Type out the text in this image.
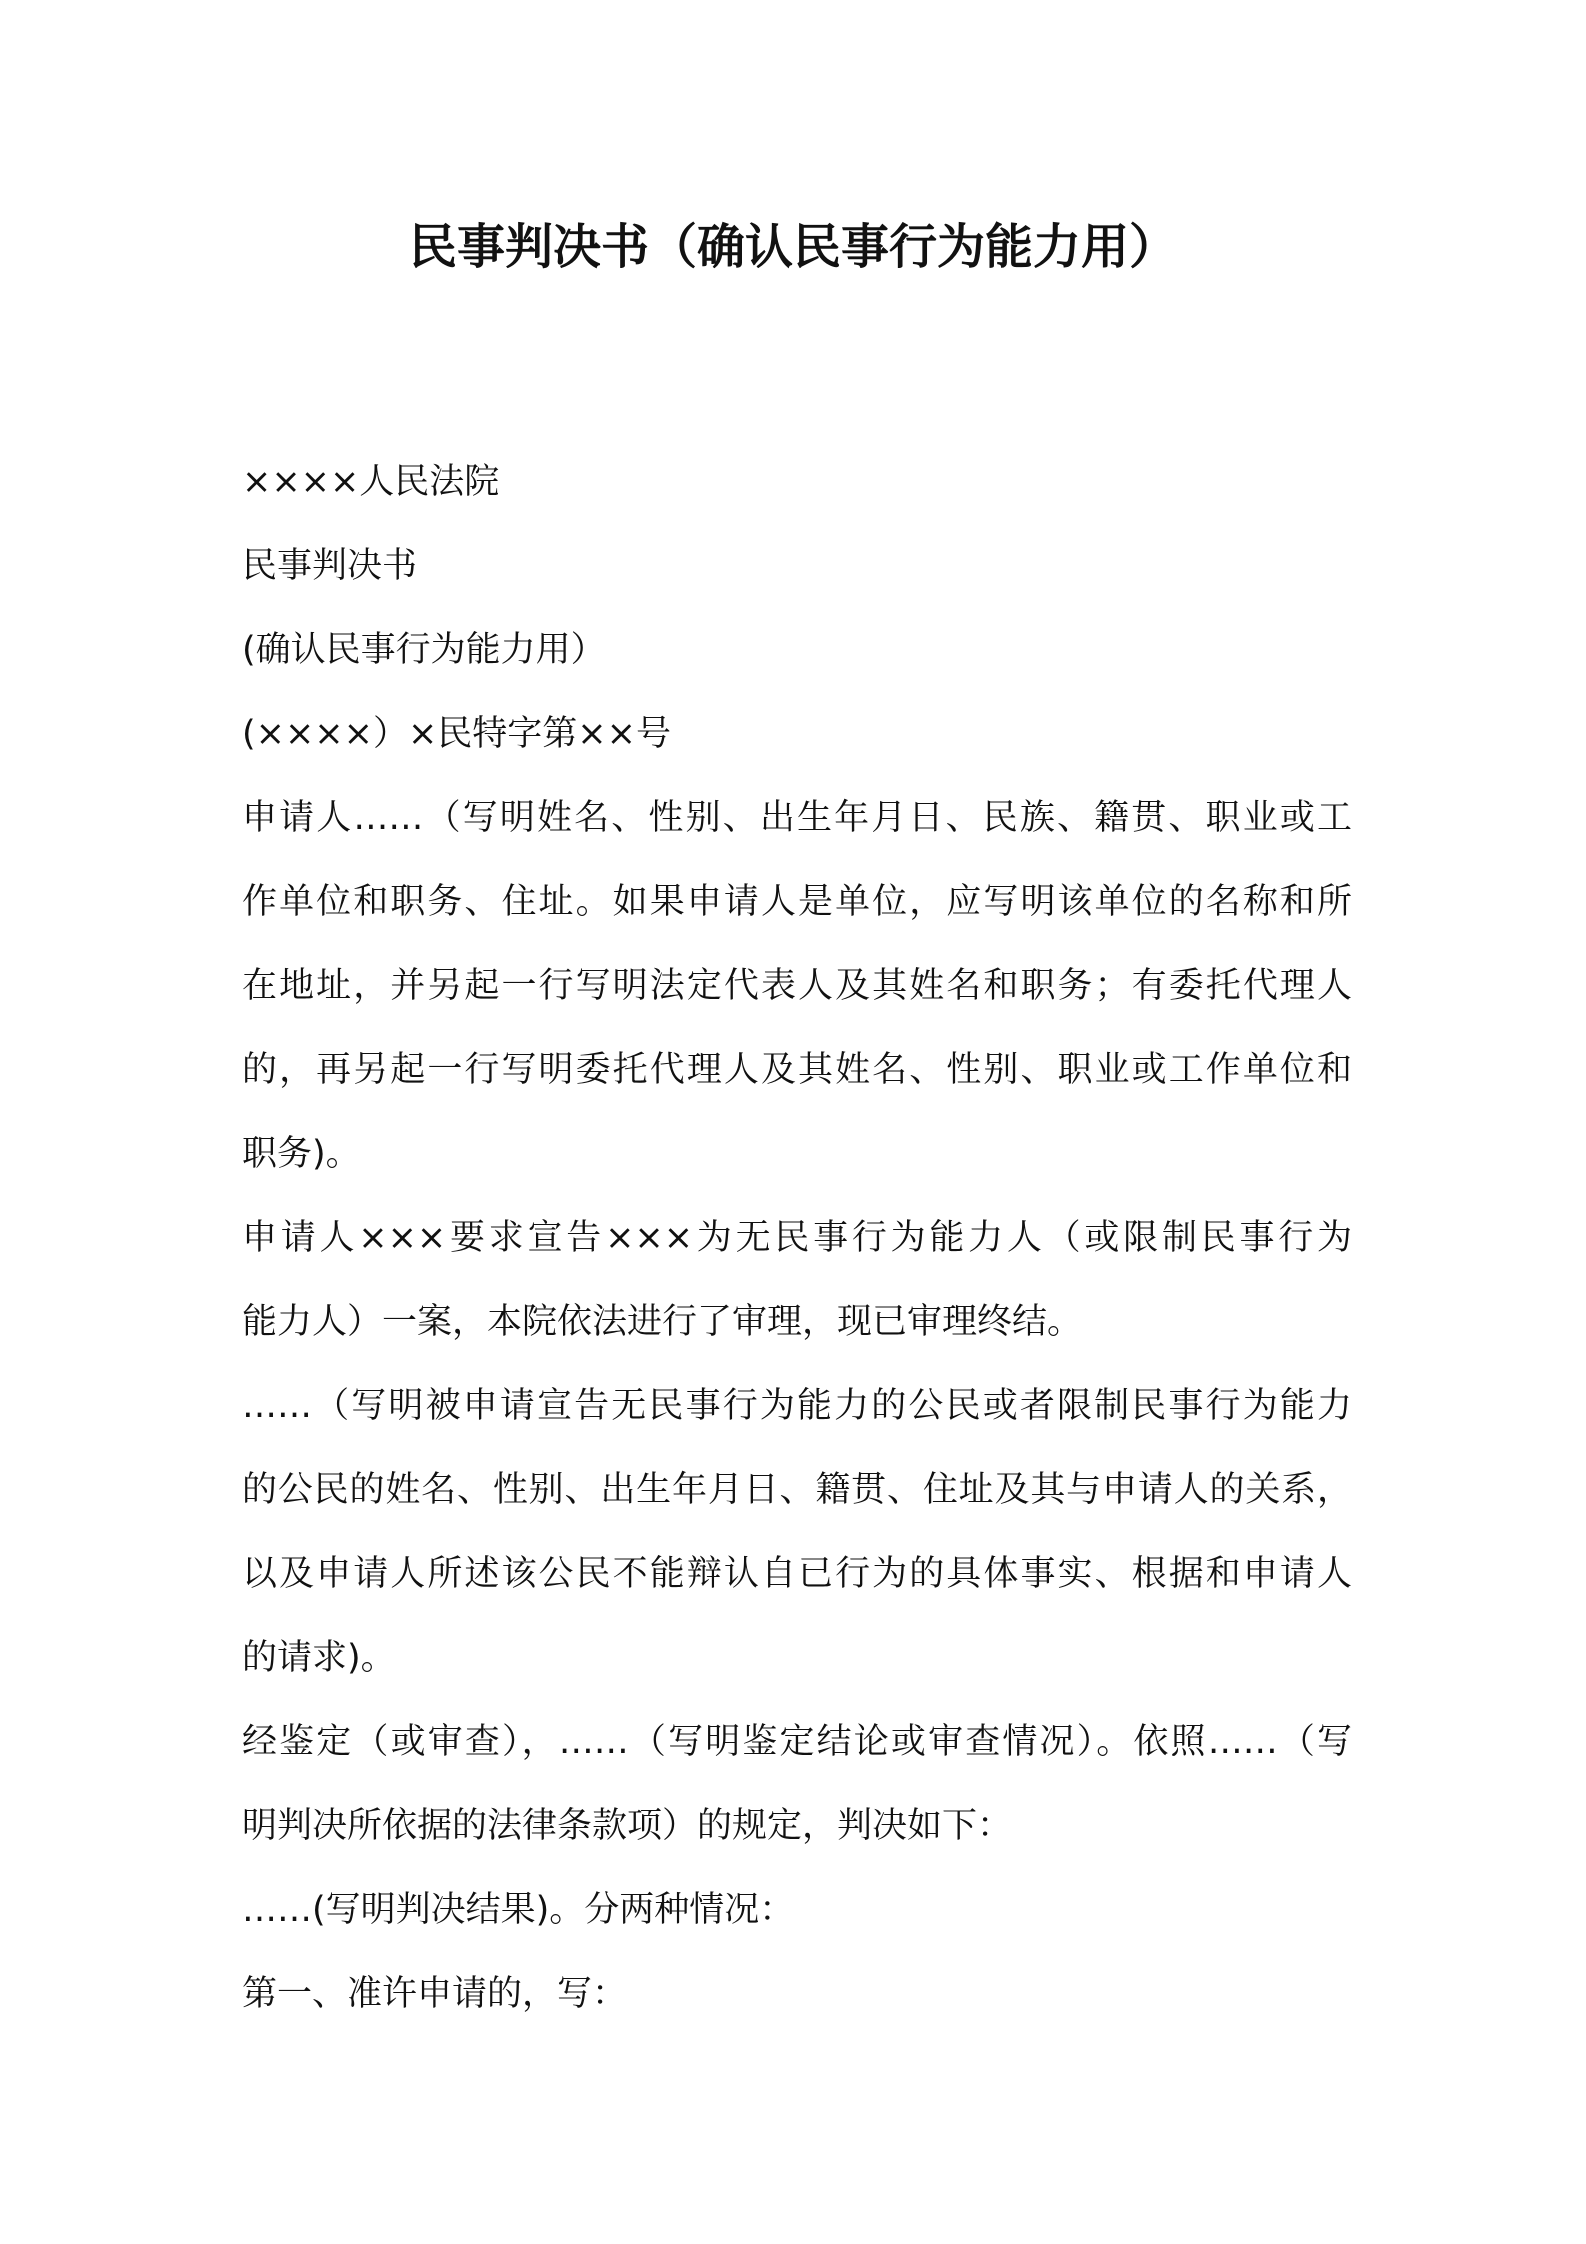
民事判决书（确认民事行为能力用）
××××人民法院
民事判决书
(确认民事行为能力用）
(××××）×民特字第××号
申请人……（写明姓名、性别、出生年月日、民族、籍贯、职业或工
作单位和职务、住址。如果申请人是单位，应写明该单位的名称和所
在地址，并另起一行写明法定代表人及其姓名和职务；有委托代理人
的，再另起一行写明委托代理人及其姓名、性别、职业或工作单位和
职务)。
申请人×××要求宣告×××为无民事行为能力人（或限制民事行为
能力人）一案，本院依法进行了审理，现已审理终结。
……（写明被申请宣告无民事行为能力的公民或者限制民事行为能力
的公民的姓名、性别、出生年月日、籍贯、住址及其与申请人的关系，
以及申请人所述该公民不能辩认自已行为的具体事实、根据和申请人
的请求)。
经鉴定（或审查），……（写明鉴定结论或审查情况）。依照……（写
明判决所依据的法律条款项）的规定，判决如下：
……(写明判决结果)。分两种情况：
第一、准许申请的，写：
